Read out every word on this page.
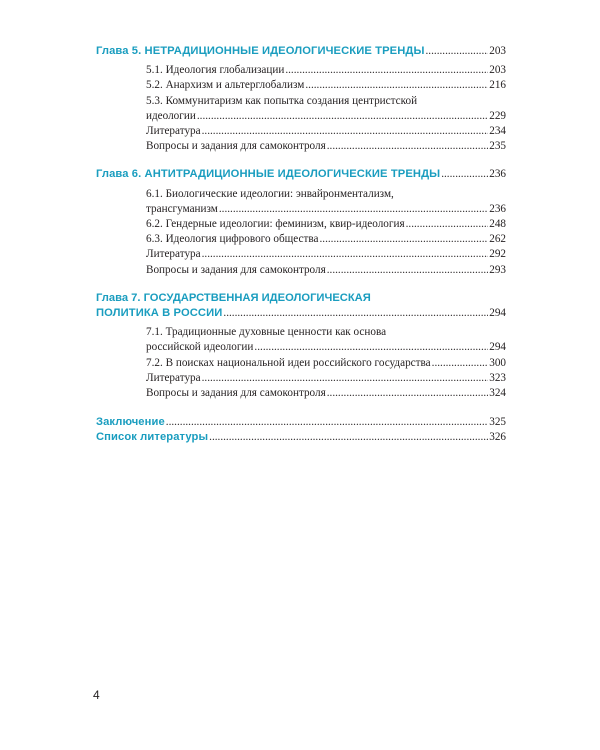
Глава 5. НЕТРАДИЦИОННЫЕ ИДЕОЛОГИЧЕСКИЕ ТРЕНДЫ .....	203
5.1. Идеология глобализации .....	203
5.2. Анархизм и альтерглобализм .....	216
5.3. Коммунитаризм как попытка создания центристской
идеологии .....	229
Литература .....	234
Вопросы и задания для самоконтроля .....	235
Глава 6. АНТИТРАДИЦИОННЫЕ ИДЕОЛОГИЧЕСКИЕ ТРЕНДЫ .....	236
6.1. Биологические идеологии: энвайронментализм,
трансгуманизм .....	236
6.2. Гендерные идеологии: феминизм, квир-идеология .....	248
6.3. Идеология цифрового общества .....	262
Литература .....	292
Вопросы и задания для самоконтроля .....	293
Глава 7. ГОСУДАРСТВЕННАЯ ИДЕОЛОГИЧЕСКАЯ
ПОЛИТИКА В РОССИИ .....	294
7.1. Традиционные духовные ценности как основа
российской идеологии .....	294
7.2. В поисках национальной идеи российского государства .....	300
Литература .....	323
Вопросы и задания для самоконтроля .....	324
Заключение .....	325
Список литературы .....	326
4
